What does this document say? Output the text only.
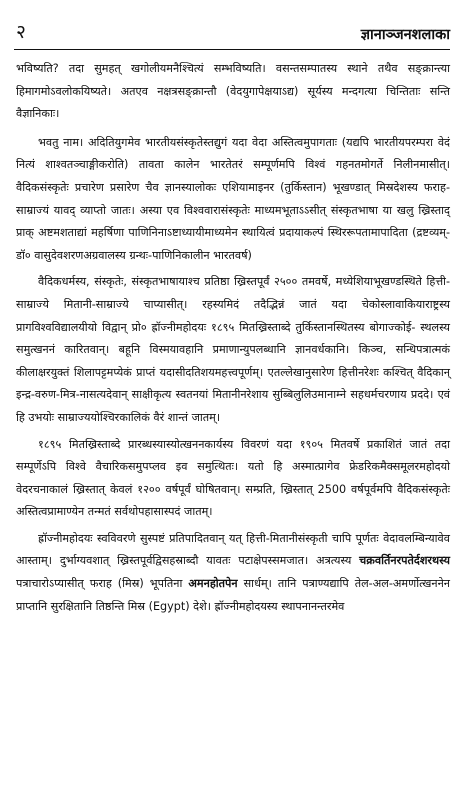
२	ज्ञानाञ्जनशलाका

भविष्यति? तदा सुमहत् खगोलीयमनैश्चित्यं सम्भविष्यति। वसन्तसम्पातस्य स्थाने तथैव सङ्क्रान्त्या हिमागमोऽवलोकयिष्यते। अतएव नक्षत्रसङ्क्रान्तौ (वेदयुगापेक्षयाऽद्य) सूर्यस्य मन्दगत्या चिन्तिताः सन्ति वैज्ञानिकाः।

भवतु नाम। अदितियुगमेव भारतीयसंस्कृतेस्तद्युगं यदा वेदा अस्तित्वमुपागताः (यद्यपि भारतीयपरम्परा वेदं नित्यं शाश्वतञ्चाङ्गीकरोति) तावता कालेन भारतेतरं सम्पूर्णमपि विश्वं गहनतमोगर्ते निलीनमासीत्। वैदिकसंस्कृतेः प्रचारेण प्रसारेण चैव ज्ञानस्यालोकः एशियामाइनर (तुर्किस्तान) भूखण्डात् मिस्रदेशस्य फराह-साम्राज्यं यावद् व्याप्तो जातः। अस्या एव विश्ववारासंस्कृतेः माध्यमभूताऽऽसीत् संस्कृतभाषा या खलु ख्रिस्ताद् प्राक् अष्टमशताद्यां महर्षिणा पाणिनिनाऽष्टाध्यायीमाध्यमेन स्थायित्वं प्रदायाकल्पं स्थिररूपतामापादिता (द्रष्टव्यम्-डॉ० वासुदेवशरणअग्रवालस्य ग्रन्थः-पाणिनिकालीन भारतवर्ष)

वैदिकधर्मस्य, संस्कृतेः, संस्कृतभाषायाश्च प्रतिष्ठा ख्रिस्तपूर्वं २५०० तमवर्षे, मध्येशियाभूखण्डस्थिते हित्ती-साम्राज्ये मितानी-साम्राज्ये चाप्यासीत्। रहस्यमिदं तदैद्भिन्नं जातं यदा चेकोस्लावाकियाराष्ट्रस्य प्रागविश्वविद्यालयीयो विद्वान् प्रो० ह्रॉज्नीमहोदयः १८९५ मितख्रिस्ताब्दे तुर्किस्तानस्थितस्य बोगाज्कोई- स्थलस्य समुत्खननं कारितवान्। बहूनि विस्मयावहानि प्रमाणान्युपलब्धानि ज्ञानवर्धकानि। किञ्च, सन्धिपत्रात्मकं कीलाक्षरयुक्तं शिलापट्टमप्येकं प्राप्तं यदासीदतिशयमहत्त्वपूर्णम्। एतल्लेखानुसारेण हित्तीनरेशः कश्चित् वैदिकान् इन्द्र-वरुण-मित्र-नासत्यदेवान् साक्षीकृत्य स्वतनयां मितानीनरेशाय सुब्बिलुलिउमानाम्ने सहधर्मचरणाय प्रददे। एवं हि उभयोः साम्राज्ययोश्चिरकालिकं वैरं शान्तं जातम्।

१८९५ मितख्रिस्ताब्दे प्रारब्धस्यास्योत्खननकार्यस्य विवरणं यदा १९०५ मितवर्षे प्रकाशितं जातं तदा सम्पूर्णेऽपि विश्वे वैचारिकसमुपप्लव इव समुत्थितः। यतो हि अस्मात्प्रागेव फ्रेडरिकमैक्समूलरमहोदयो वेदरचनाकालं ख्रिस्तात् केवलं १२०० वर्षपूर्वं घोषितवान्। सम्प्रति, ख्रिस्तात् 2500 वर्षपूर्वमपि वैदिकसंस्कृतेः अस्तित्वप्रामाण्येन तन्मतं सर्वथोपहासास्पदं जातम्।

ह्रॉज्नीमहोदयः स्वविवरणे सुस्पष्टं प्रतिपादितवान् यत् हित्ती-मितानीसंस्कृती चापि पूर्णतः वेदावलम्बिन्यावेव आस्ताम्। दुर्भाग्यवशात् ख्रिस्तपूर्वद्विसहस्राब्दौ यावतः पटाक्षेपस्समजात। अत्रत्यस्य चक्रवर्तिनरपतेर्दशरथस्य पत्राचारोऽप्यासीत् फराह (मिस्र) भूपतिना अमनहोतपेन सार्धम्। तानि पत्राण्यद्यापि तेल-अल-अमर्णोत्खननेन प्राप्तानि सुरक्षितानि तिष्ठन्ति मिस्र (Egypt) देशे। ह्रॉज्नीमहोदयस्य स्थापनानन्तरमेव
